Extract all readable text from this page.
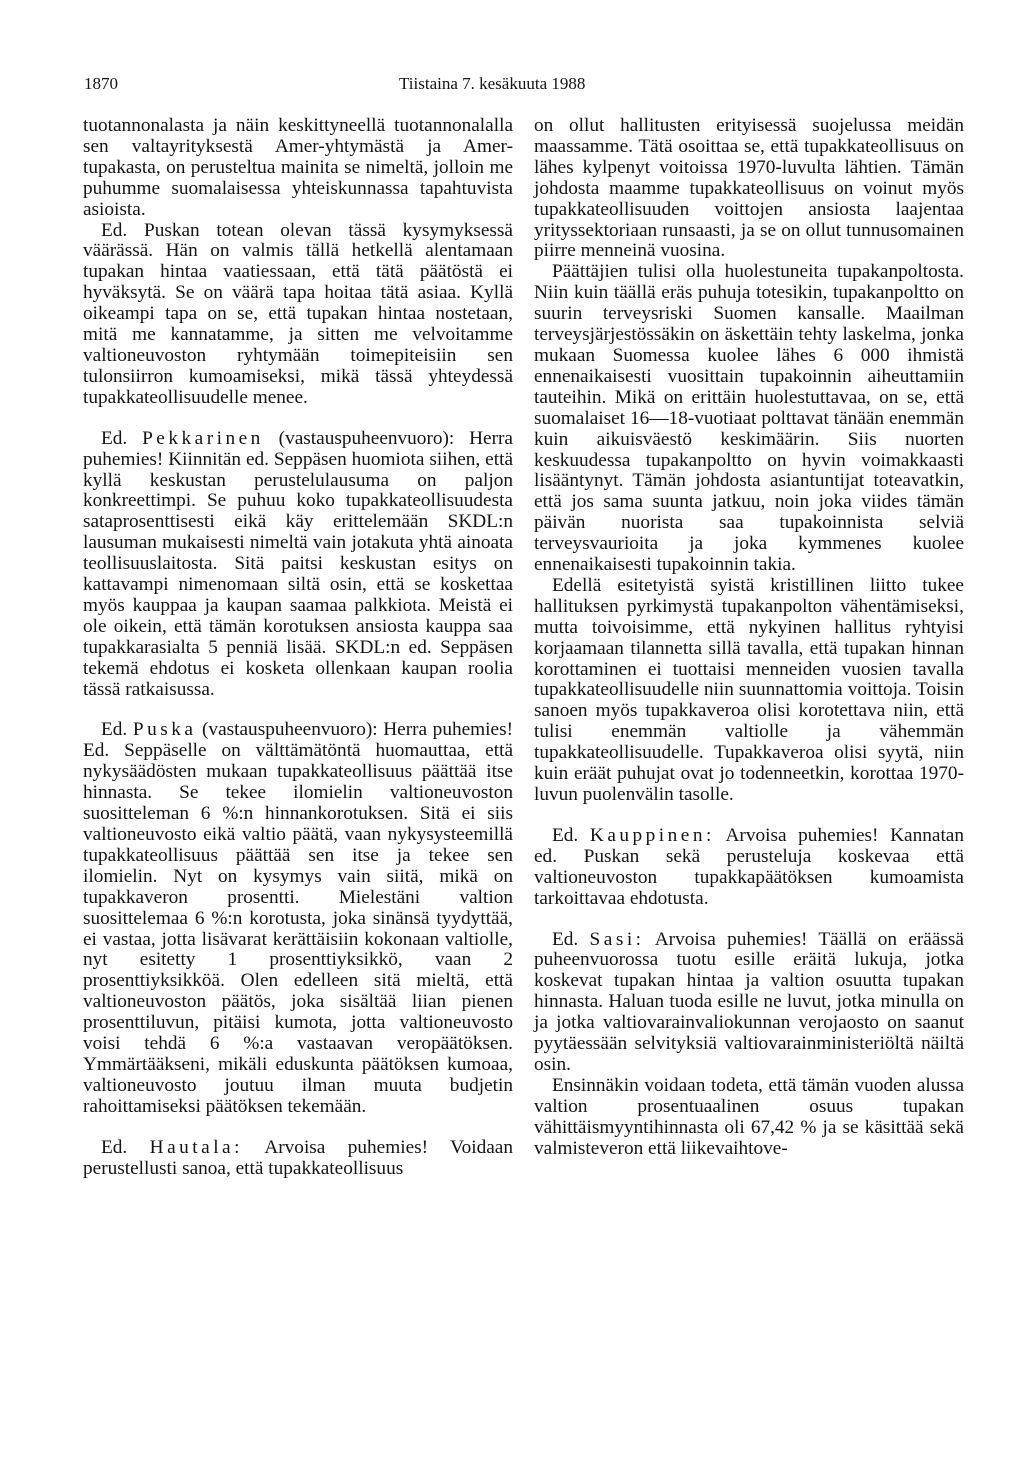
1870	Tiistaina 7. kesäkuuta 1988

tuotannonalasta ja näin keskittyneellä tuotannonalalla sen valtayrityksestä Amer-yhtymästä ja Amer-tupakasta, on perusteltua mainita se nimeltä, jolloin me puhumme suomalaisessa yhteiskunnassa tapahtuvista asioista.

Ed. Puskan totean olevan tässä kysymyksessä väärässä. Hän on valmis tällä hetkellä alentamaan tupakan hintaa vaatiessaan, että tätä päätöstä ei hyväksytä. Se on väärä tapa hoitaa tätä asiaa. Kyllä oikeampi tapa on se, että tupakan hintaa nostetaan, mitä me kannatamme, ja sitten me velvoitamme valtioneuvoston ryhtymään toimepiteisiin sen tulonsiirron kumoamiseksi, mikä tässä yhteydessä tupakkateollisuudelle menee.

Ed. Pekkarinen (vastauspuheenvuoro): Herra puhemies! Kiinnitän ed. Seppäsen huomiota siihen, että kyllä keskustan perustelulausuma on paljon konkreettimpi. Se puhuu koko tupakkateollisuudesta sataprosenttisesti eikä käy erittelemään SKDL:n lausuman mukaisesti nimeltä vain jotakuta yhtä ainoata teollisuuslaitosta. Sitä paitsi keskustan esitys on kattavampi nimenomaan siltä osin, että se koskettaa myös kauppaa ja kaupan saamaa palkkiota. Meistä ei ole oikein, että tämän korotuksen ansiosta kauppa saa tupakkarasialta 5 penniä lisää. SKDL:n ed. Seppäsen tekemä ehdotus ei kosketa ollenkaan kaupan roolia tässä ratkaisussa.

Ed. Puska (vastauspuheenvuoro): Herra puhemies! Ed. Seppäselle on välttämätöntä huomauttaa, että nykysäädösten mukaan tupakkateollisuus päättää itse hinnasta. Se tekee ilomielin valtioneuvoston suositteleman 6 %:n hinnankorotuksen. Sitä ei siis valtioneuvosto eikä valtio päätä, vaan nykysysteemillä tupakkateollisuus päättää sen itse ja tekee sen ilomielin. Nyt on kysymys vain siitä, mikä on tupakkaveron prosentti. Mielestäni valtion suosittelemaa 6 %:n korotusta, joka sinänsä tyydyttää, ei vastaa, jotta lisävarat kerättäisiin kokonaan valtiolle, nyt esitetty 1 prosenttiyksikkö, vaan 2 prosenttiyksikköä. Olen edelleen sitä mieltä, että valtioneuvoston päätös, joka sisältää liian pienen prosenttiluvun, pitäisi kumota, jotta valtioneuvosto voisi tehdä 6 %:a vastaavan veropäätöksen. Ymmärtääkseni, mikäli eduskunta päätöksen kumoaa, valtioneuvosto joutuu ilman muuta budjetin rahoittamiseksi päätöksen tekemään.

Ed. Hautala: Arvoisa puhemies! Voidaan perustellusti sanoa, että tupakkateollisuus

on ollut hallitusten erityisessä suojelussa meidän maassamme. Tätä osoittaa se, että tupakkateollisuus on lähes kylpenyt voitoissa 1970-luvulta lähtien. Tämän johdosta maamme tupakkateollisuus on voinut myös tupakkateollisuuden voittojen ansiosta laajentaa yrityssektoriaan runsaasti, ja se on ollut tunnusomainen piirre menneinä vuosina.

Päättäjien tulisi olla huolestuneita tupakanpoltosta. Niin kuin täällä eräs puhuja totesikin, tupakanpoltto on suurin terveysriski Suomen kansalle. Maailman terveysjärjestössäkin on äskettäin tehty laskelma, jonka mukaan Suomessa kuolee lähes 6 000 ihmistä ennenaikaisesti vuosittain tupakoinnin aiheuttamiin tauteihin. Mikä on erittäin huolestuttavaa, on se, että suomalaiset 16—18-vuotiaat polttavat tänään enemmän kuin aikuisväestö keskimäärin. Siis nuorten keskuudessa tupakanpoltto on hyvin voimakkaasti lisääntynyt. Tämän johdosta asiantuntijat toteavatkin, että jos sama suunta jatkuu, noin joka viides tämän päivän nuorista saa tupakoinnista selviä terveysvaurioita ja joka kymmenes kuolee ennenaikaisesti tupakoinnin takia.

Edellä esitetyistä syistä kristillinen liitto tukee hallituksen pyrkimystä tupakanpolton vähentämiseksi, mutta toivoisimme, että nykyinen hallitus ryhtyisi korjaamaan tilannetta sillä tavalla, että tupakan hinnan korottaminen ei tuottaisi menneiden vuosien tavalla tupakkateollisuudelle niin suunnattomia voittoja. Toisin sanoen myös tupakkaveroa olisi korotettava niin, että tulisi enemmän valtiolle ja vähemmän tupakkateollisuudelle. Tupakkaveroa olisi syytä, niin kuin eräät puhujat ovat jo todenneetkin, korottaa 1970-luvun puolenvälin tasolle.

Ed. Kauppinen: Arvoisa puhemies! Kannatan ed. Puskan sekä perusteluja koskevaa että valtioneuvoston tupakkapäätöksen kumoamista tarkoittavaa ehdotusta.

Ed. Sasi: Arvoisa puhemies! Täällä on eräässä puheenvuorossa tuotu esille eräitä lukuja, jotka koskevat tupakan hintaa ja valtion osuutta tupakan hinnasta. Haluan tuoda esille ne luvut, jotka minulla on ja jotka valtiovarainvaliokunnan verojaosto on saanut pyytäessään selvityksiä valtiovarainministeriöltä näiltä osin.

Ensinnäkin voidaan todeta, että tämän vuoden alussa valtion prosentuaalinen osuus tupakan vähittäismyyntihinnasta oli 67,42 % ja se käsittää sekä valmisteveron että liikevaihtove-
